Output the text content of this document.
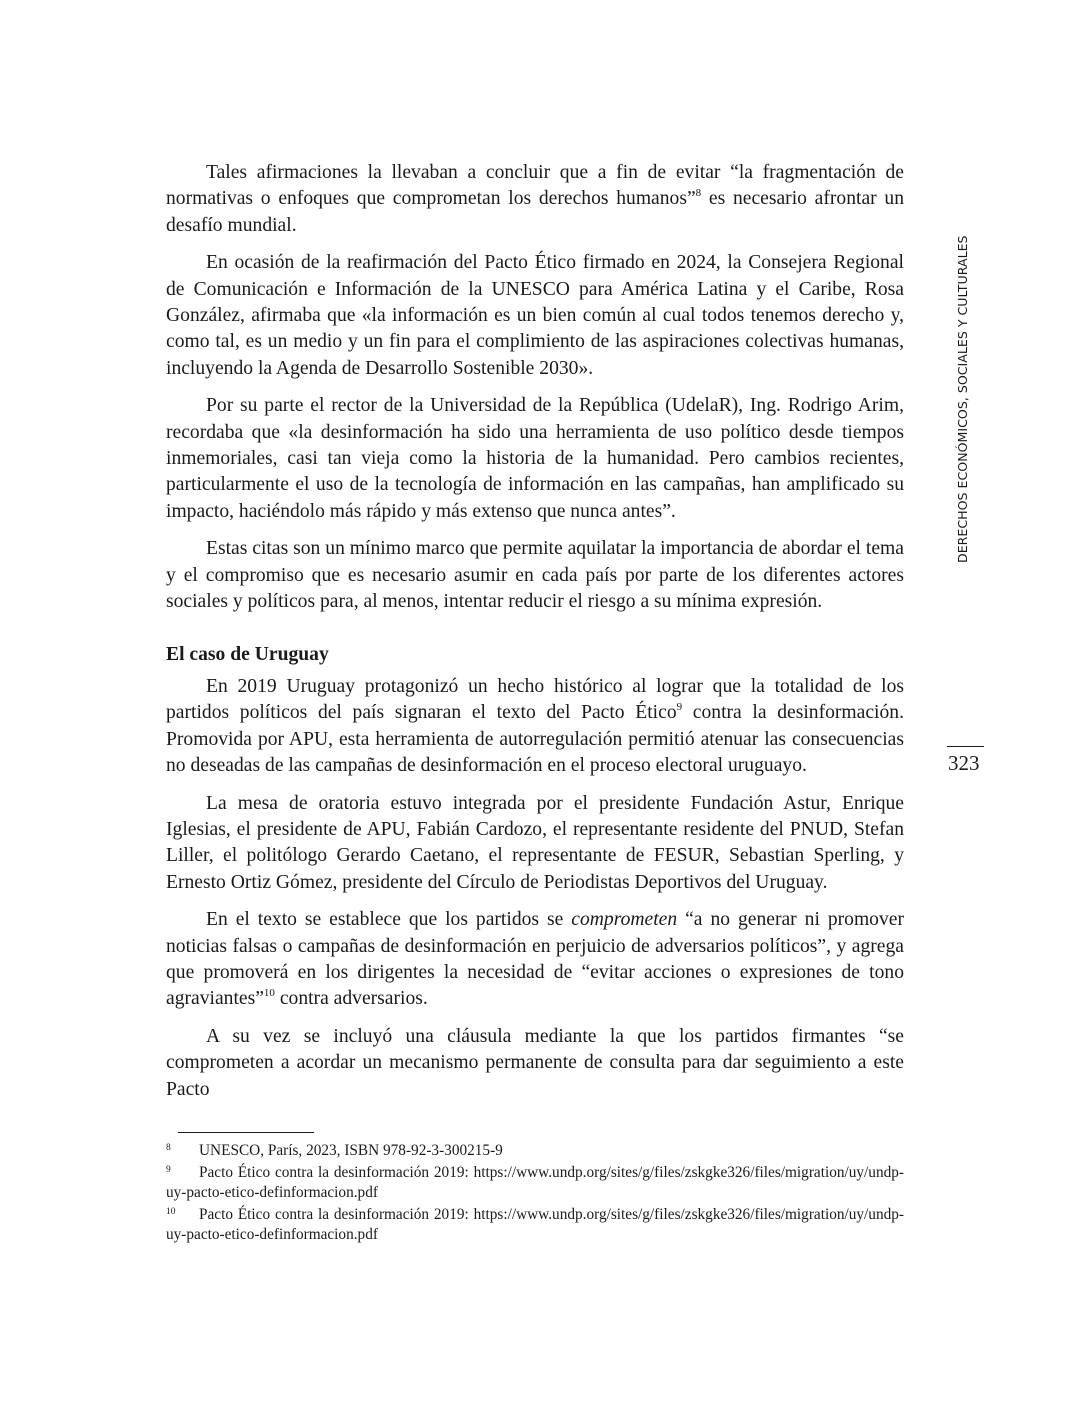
Tales afirmaciones la llevaban a concluir que a fin de evitar “la fragmentación de normativas o enfoques que comprometan los derechos humanos”$^8$ es necesario afrontar un desafío mundial.

En ocasión de la reafirmación del Pacto Ético firmado en 2024, la Consejera Regional de Comunicación e Información de la UNESCO para América Latina y el Caribe, Rosa González, afirmaba que «la información es un bien común al cual todos tenemos derecho y, como tal, es un medio y un fin para el complimiento de las aspiraciones colectivas humanas, incluyendo la Agenda de Desarrollo Sostenible 2030».

Por su parte el rector de la Universidad de la República (UdelaR), Ing. Rodrigo Arim, recordaba que «la desinformación ha sido una herramienta de uso político desde tiempos inmemoriales, casi tan vieja como la historia de la humanidad. Pero cambios recientes, particularmente el uso de la tecnología de información en las campañas, han amplificado su impacto, haciéndolo más rápido y más extenso que nunca antes”.

Estas citas son un mínimo marco que permite aquilatar la importancia de abordar el tema y el compromiso que es necesario asumir en cada país por parte de los diferentes actores sociales y políticos para, al menos, intentar reducir el riesgo a su mínima expresión.

El caso de Uruguay

En 2019 Uruguay protagonizó un hecho histórico al lograr que la totalidad de los partidos políticos del país signaran el texto del Pacto Ético$^9$ contra la desinformación. Promovida por APU, esta herramienta de autorregulación permitió atenuar las consecuencias no deseadas de las campañas de desinformación en el proceso electoral uruguayo.

La mesa de oratoria estuvo integrada por el presidente Fundación Astur, Enrique Iglesias, el presidente de APU, Fabián Cardozo, el representante residente del PNUD, Stefan Liller, el politólogo Gerardo Caetano, el representante de FESUR, Sebastian Sperling, y Ernesto Ortiz Gómez, presidente del Círculo de Periodistas Deportivos del Uruguay.

En el texto se establece que los partidos se comprometen “a no generar ni promover noticias falsas o campañas de desinformación en perjuicio de adversarios políticos”, y agrega que promoverá en los dirigentes la necesidad de “evitar acciones o expresiones de tono agraviantes”$^{10}$ contra adversarios.

A su vez se incluyó una cláusula mediante la que los partidos firmantes “se comprometen a acordar un mecanismo permanente de consulta para dar seguimiento a este Pacto

DERECHOS ECONÓMICOS, SOCIALES Y CULTURALES
323

8 UNESCO, París, 2023, ISBN 978-92-3-300215-9

9 Pacto Ético contra la desinformación 2019: https://www.undp.org/sites/g/files/zskgke326/files/migration/uy/undp-uy-pacto-etico-definformacion.pdf

10 Pacto Ético contra la desinformación 2019: https://www.undp.org/sites/g/files/zskgke326/files/migration/uy/undp-uy-pacto-etico-definformacion.pdf
